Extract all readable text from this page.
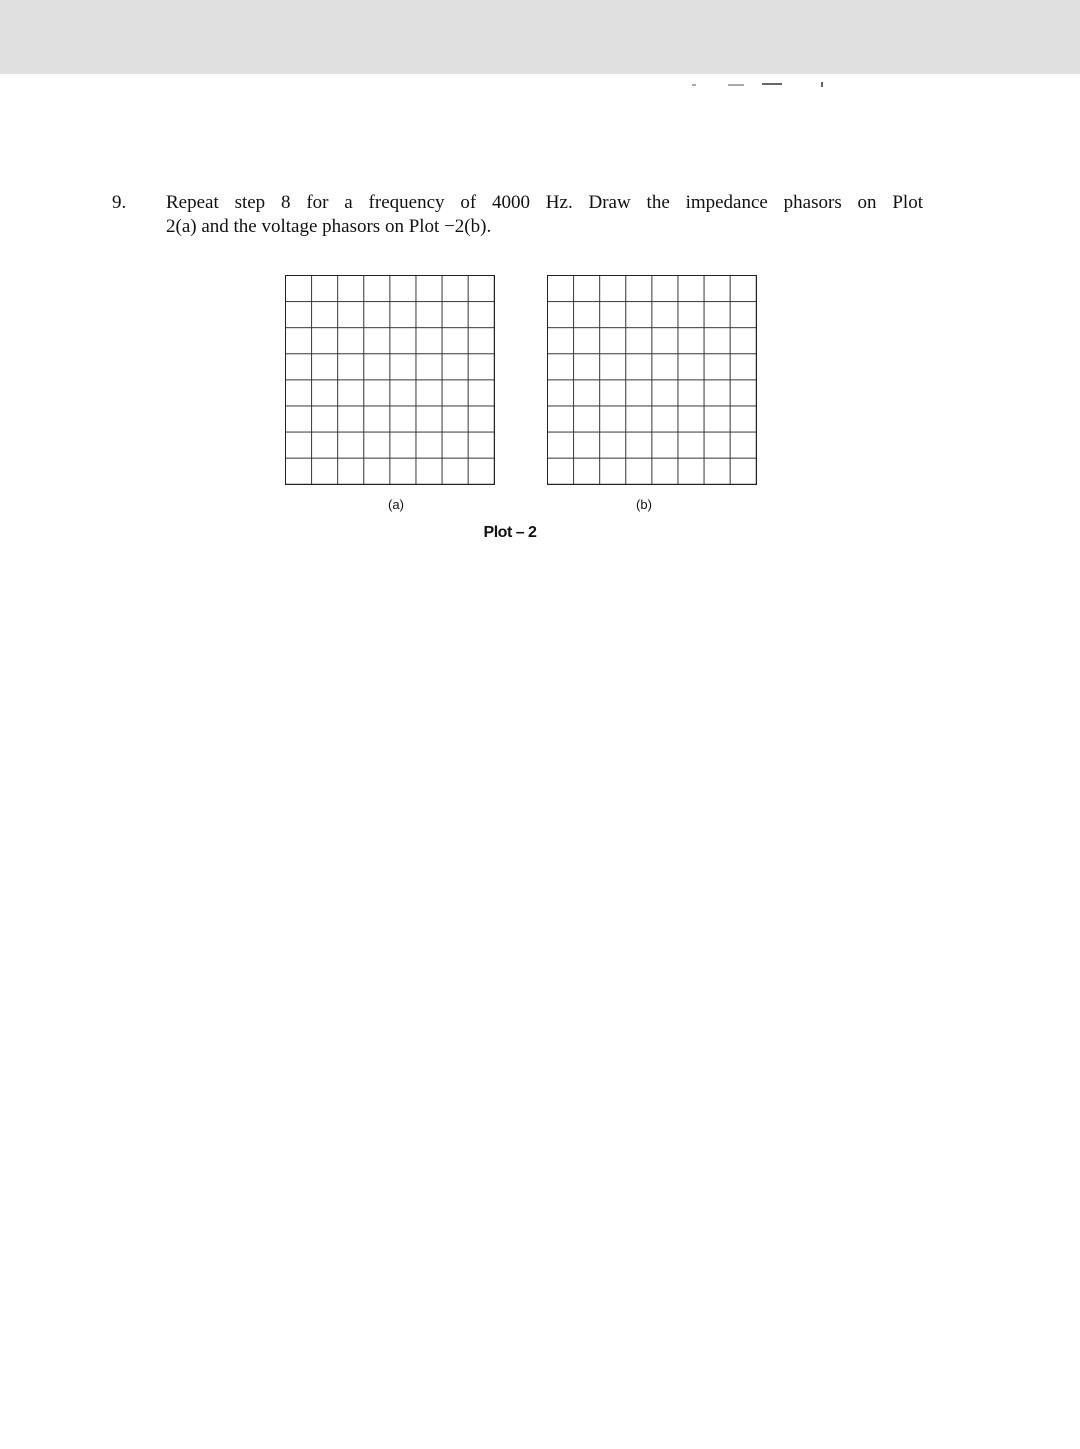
9. Repeat step 8 for a frequency of 4000 Hz. Draw the impedance phasors on Plot
2(a) and the voltage phasors on Plot −2(b).
(a)	(b)
Plot – 2
